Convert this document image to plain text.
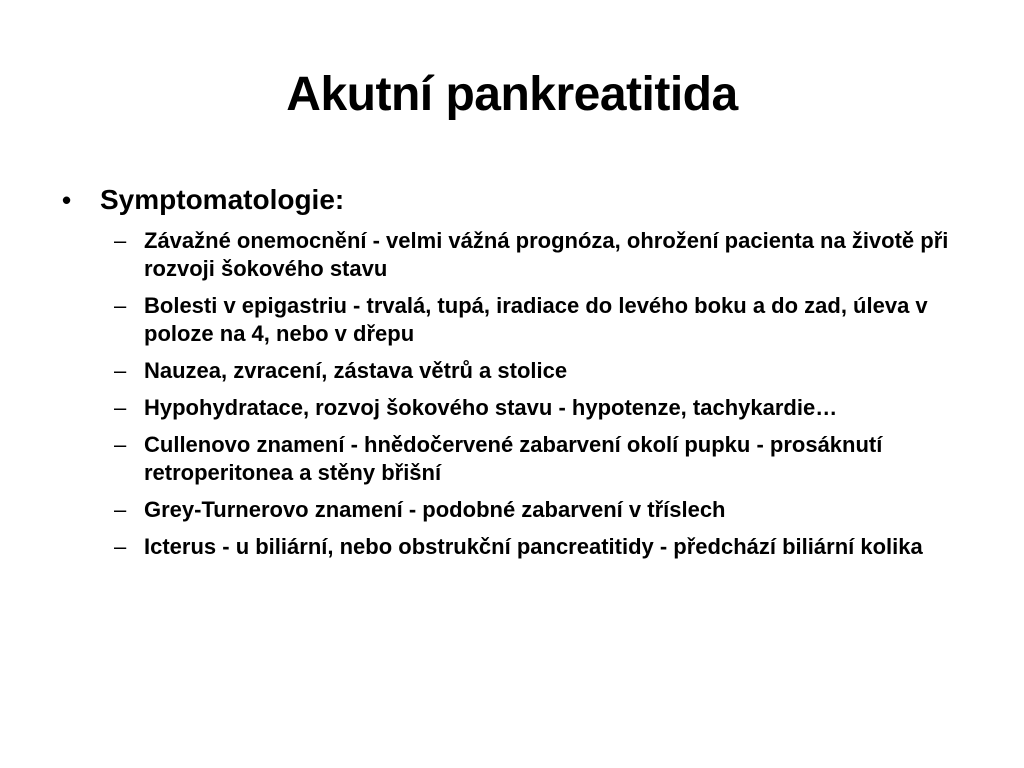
Akutní pankreatitida
•	Symptomatologie:
– Závažné onemocnění - velmi vážná prognóza, ohrožení pacienta na životě při rozvoji šokového stavu
– Bolesti v epigastriu - trvalá, tupá, iradiace do levého boku a do zad, úleva v poloze na 4, nebo v dřepu
– Nauzea, zvracení, zástava větrů a stolice
– Hypohydratace, rozvoj šokového stavu - hypotenze, tachykardie…
– Cullenovo znamení - hnědočervené zabarvení okolí pupku - prosáknutí retroperitonea a stěny břišní
– Grey-Turnerovo znamení - podobné zabarvení v tříslech
– Icterus - u biliární, nebo obstrukční pancreatitidy - předchází biliární kolika
